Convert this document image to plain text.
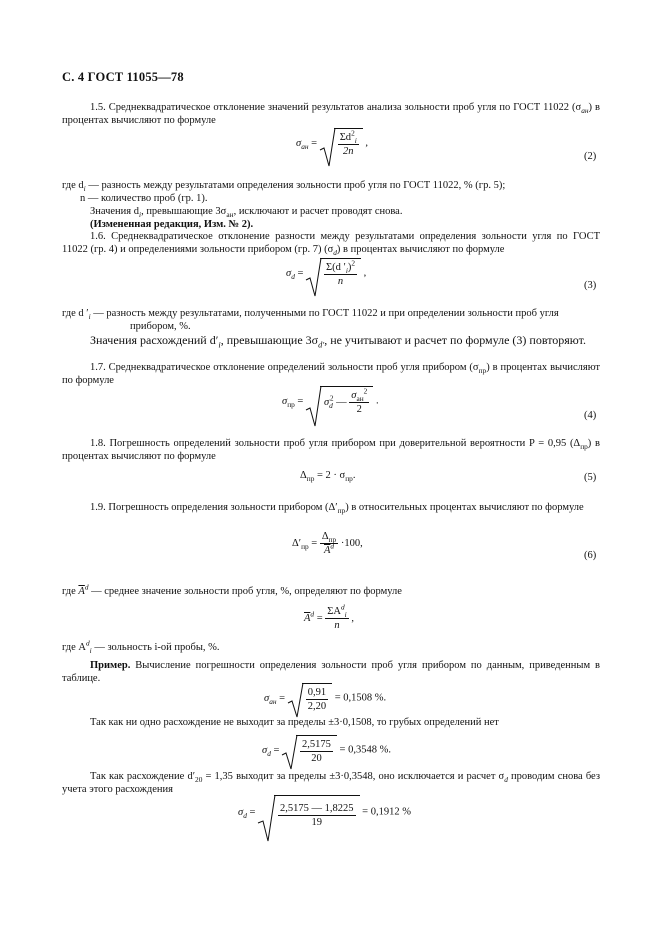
С. 4 ГОСТ 11055—78
1.5. Среднеквадратическое отклонение значений результатов анализа зольности проб угля по ГОСТ 11022 $(\sigma_{ан})$ в процентах вычисляют по формуле
$\sigma_{ан} = \frac{\Sigma d^2_i}{2n}$ ,
(2)
где $d_i$ — разность между результатами определения зольности проб угля по ГОСТ 11022, % (гр. 5);
n — количество проб (гр. 1).
Значения $d_i$, превышающие $3\sigma_{ан}$, исключают и расчет проводят снова.
(Измененная редакция, Изм. № 2).
1.6. Среднеквадратическое отклонение разности между результатами определения зольности угля по ГОСТ 11022 (гр. 4) и определениями зольности прибором (гр. 7) $(\sigma_d)$ в процентах вычисляют по формуле
$\sigma_d = \frac{\Sigma(d '_i)^2}{n}$ ,
(3)
где d $'_i$ — разность между результатами, полученными по ГОСТ 11022 и при определении зольности проб угля
прибором, %.
Значения расхождений $d'_i$, превышающие $3\sigma_{d'}$, не учитывают и расчет по формуле (3) повторяют.
1.7. Среднеквадратическое отклонение определений зольности проб угля прибором $(\sigma_{пр})$ в процентах вычисляют по формуле
$\sigma_{пр}$ =
$\sigma_d^2$ — $\frac{\sigma_{ан}^2}{2}$ .
(4)
1.8. Погрешность определений зольности проб угля прибором при доверительной вероятности P = 0,95 $(\Delta_{пр})$ в процентах вычисляют по формуле
$\Delta_{пр} = 2 \cdot \sigma_{пр}$.	(5)
1.9. Погрешность определения зольности прибором $(\Delta'_{пр})$ в относительных процентах вычисляют по формуле
$\Delta'_{пр} = \frac{\Delta_{пр}}{\overline{A}^d} \cdot 100$,
(6)
где $\overline{A}^d$ — среднее значение зольности проб угля, %, определяют по формуле
$\overline{A}^d = \frac{\Sigma A^d_i}{n}$ ,
где $A^d_i$ — зольность i-ой пробы, %.
Пример. Вычисление погрешности определения зольности проб угля прибором по данным, приведенным в таблице.
$\sigma_{ан} = \frac{0,91}{2,20} = 0,1508$ %.
Так как ни одно расхождение не выходит за пределы ±3·0,1508, то грубых определений нет
$\sigma_d = \frac{2,5175}{20} = 0,3548$ %.
Так как расхождение $d'_{20} = 1,35$ выходит за пределы ±3·0,3548, оно исключается и расчет $\sigma_d$ проводим снова без учета этого расхождения
$\sigma_d = \frac{2,5175 — 1,8225}{19} = 0,1912$ %
